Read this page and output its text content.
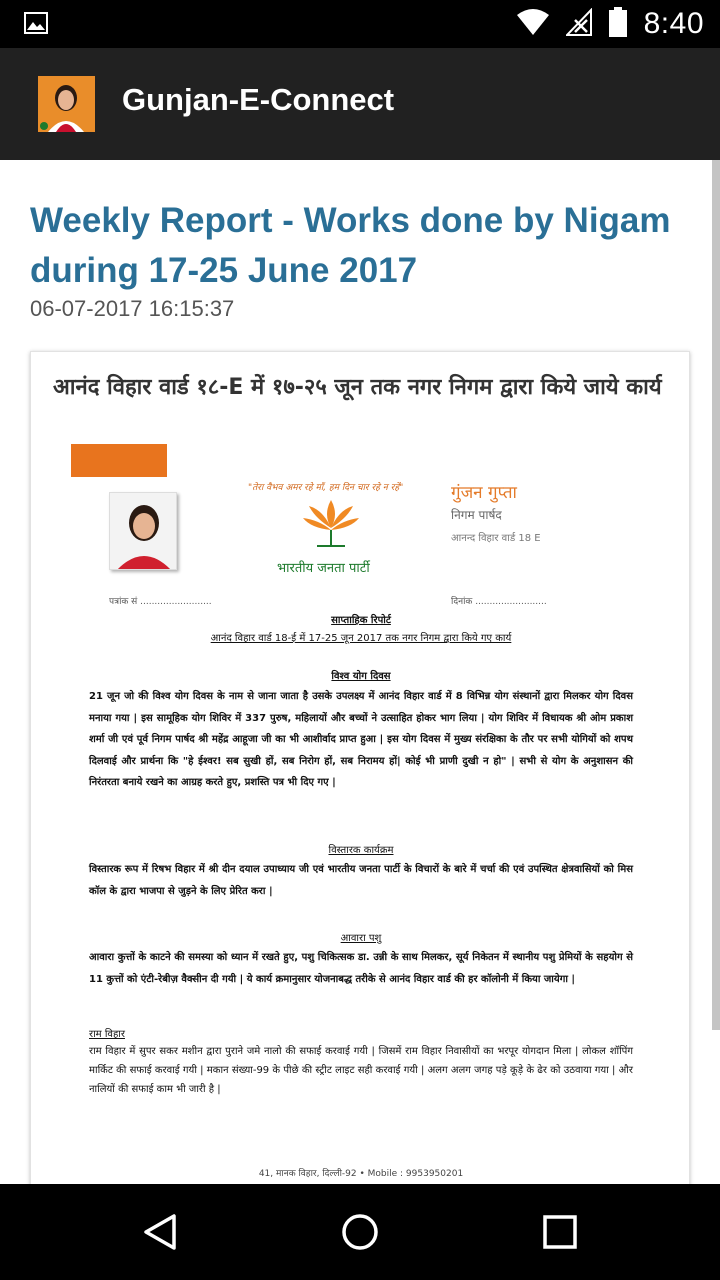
8:40
Gunjan-E-Connect
Weekly Report - Works done by Nigam during 17-25 June 2017
06-07-2017 16:15:37
आनंद विहार वार्ड १८-E में १७-२५ जून तक नगर निगम द्वारा किये जाये कार्य
"तेरा वैभव अमर रहे माँ, हम दिन चार रहे न रहें"
भारतीय जनता पार्टी
गुंजन गुप्ता
निगम पार्षद
आनन्द विहार वार्ड 18 E
पत्रांक सं .........................	दिनांक .........................
साप्ताहिक रिपोर्ट
आनंद विहार वार्ड 18-ई में 17-25 जून 2017 तक नगर निगम द्वारा किये गए कार्य
विश्व योग दिवस
21 जून जो की विश्व योग दिवस के नाम से जाना जाता है उसके उपलक्ष्य में आनंद विहार वार्ड में 8 विभिन्न योग संस्थानों द्वारा मिलकर योग दिवस मनाया गया | इस सामूहिक योग शिविर में 337 पुरुष, महिलायों और बच्चों ने उत्साहित होकर भाग लिया | योग शिविर में विधायक श्री ओम प्रकाश शर्मा जी एवं पूर्व निगम पार्षद श्री महेंद्र आहूजा जी का भी आशीर्वाद प्राप्त हुआ | इस योग दिवस में मुख्य संरक्षिका के तौर पर सभी योगियों को शपथ दिलवाई और प्रार्थना कि "हे ईश्वर! सब सुखी हों, सब निरोग हों, सब निरामय हों| कोई भी प्राणी दुखी न हो" | सभी से योग के अनुशासन की निरंतरता बनाये रखने का आग्रह करते हुए, प्रशस्ति पत्र भी दिए गए |
विस्तारक कार्यक्रम
विस्तारक रूप में रिषभ विहार में श्री दीन दयाल उपाध्याय जी एवं भारतीय जनता पार्टी के विचारों के बारे में चर्चा की एवं उपस्थित क्षेत्रवासियों को मिस कॉल के द्वारा भाजपा से जुड़ने के लिए प्रेरित करा |
आवारा पशु
आवारा कुत्तों के काटने की समस्या को ध्यान में रखते हुए, पशु चिकित्सक डा. उन्नी के साथ मिलकर, सूर्य निकेतन में स्थानीय पशु प्रेमियों के सहयोग से 11 कुत्तों को एंटी-रेबीज़ वैक्सीन दी गयी | ये कार्य क्रमानुसार योजनाबद्ध तरीके से आनंद विहार वार्ड की हर कॉलोनी में किया जायेगा |
राम विहार
राम विहार में सुपर सकर मशीन द्वारा पुराने जमे नालो की सफाई करवाई गयी | जिसमें राम विहार निवासीयों का भरपूर योगदान मिला | लोकल शॉपिंग मार्किट की सफाई करवाई गयी | मकान संख्या-99 के पीछे की स्ट्रीट लाइट सही करवाई गयी | अलग अलग जगह पड़े कूड़े के ढेर को उठवाया गया | और नालियों की सफाई काम भी जारी है |
41, मानक विहार, दिल्ली-92 • Mobile : 9953950201
